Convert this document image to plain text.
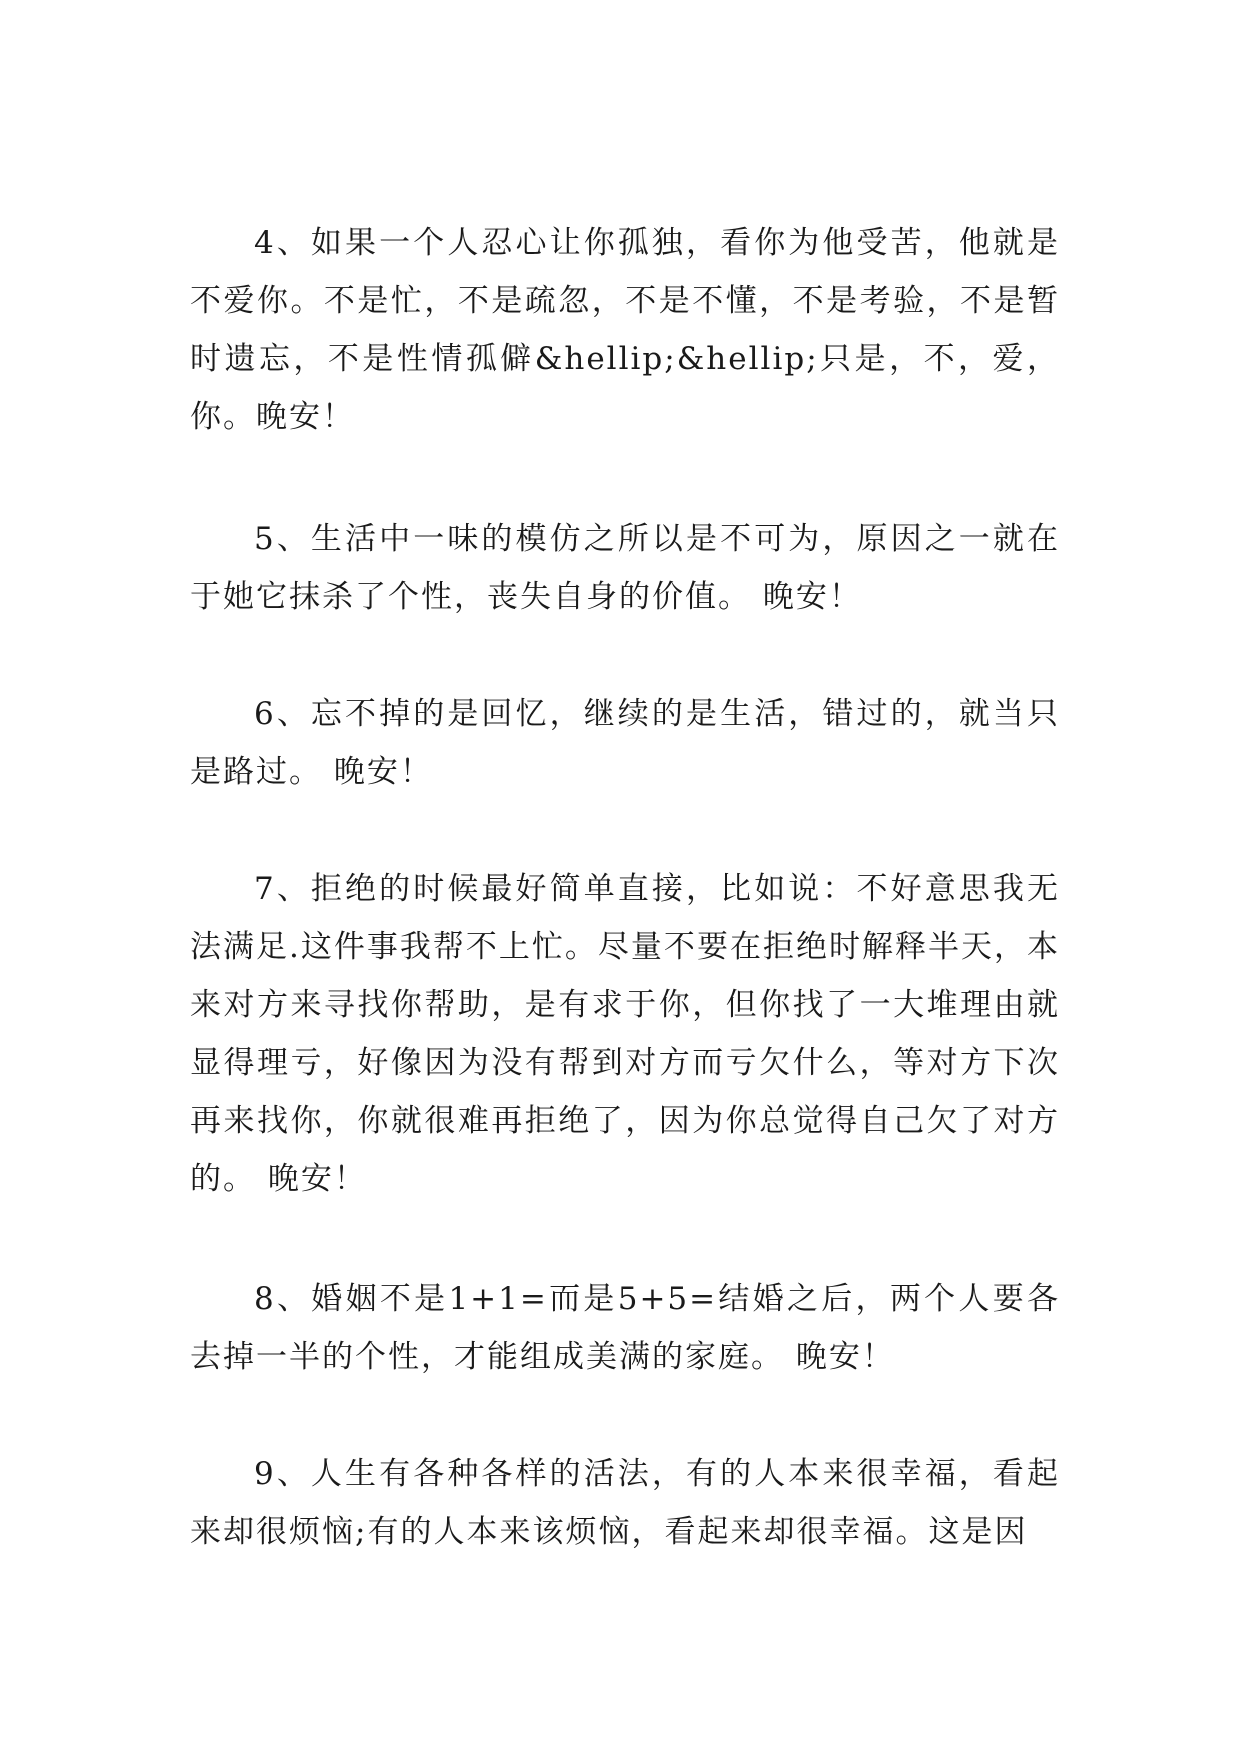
4、如果一个人忍心让你孤独，看你为他受苦，他就是不爱你。不是忙，不是疏忽，不是不懂，不是考验，不是暂时遗忘，不是性情孤僻&hellip;&hellip;只是，不，爱，你。晚安！

5、生活中一味的模仿之所以是不可为，原因之一就在于她它抹杀了个性，丧失自身的价值。 晚安！

6、忘不掉的是回忆，继续的是生活，错过的，就当只是路过。 晚安！

7、拒绝的时候最好简单直接，比如说：不好意思我无法满足.这件事我帮不上忙。尽量不要在拒绝时解释半天，本来对方来寻找你帮助，是有求于你，但你找了一大堆理由就显得理亏，好像因为没有帮到对方而亏欠什么，等对方下次再来找你，你就很难再拒绝了，因为你总觉得自己欠了对方的。 晚安！

8、婚姻不是1+1=而是5+5=结婚之后，两个人要各去掉一半的个性，才能组成美满的家庭。 晚安！

9、人生有各种各样的活法，有的人本来很幸福，看起来却很烦恼;有的人本来该烦恼，看起来却很幸福。这是因
